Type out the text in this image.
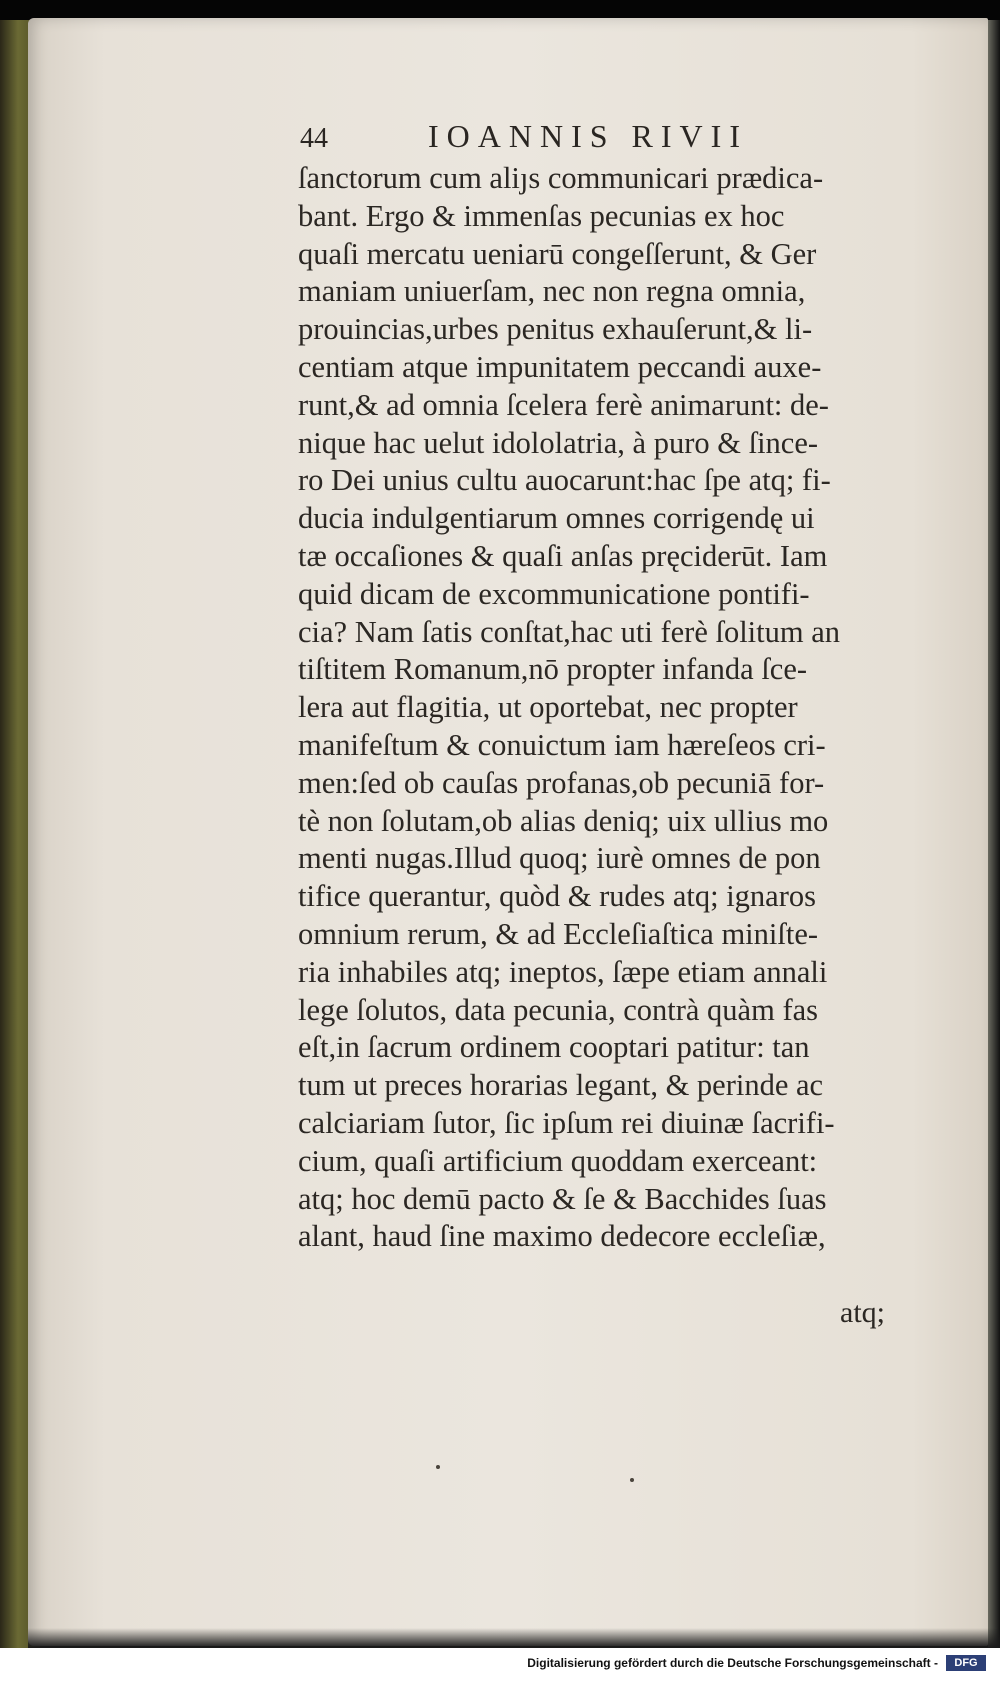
44	IOANNIS RIVII
ſanctorum cum aliȷs communicari prædica-
bant. Ergo & immenſas pecunias ex hoc
quaſi mercatu ueniarū congeſſerunt, & Ger
maniam uniuerſam, nec non regna omnia,
prouincias,urbes penitus exhauſerunt,& li-
centiam atque impunitatem peccandi auxe-
runt,& ad omnia ſcelera ferè animarunt: de-
nique hac uelut idololatria, à puro & ſince-
ro Dei unius cultu auocarunt:hac ſpe atq; fi-
ducia indulgentiarum omnes corrigendę ui
tæ occaſiones & quaſi anſas pręciderūt. Iam
quid dicam de excommunicatione pontifi-
cia? Nam ſatis conſtat,hac uti ferè ſolitum an
tiſtitem Romanum,nō propter infanda ſce-
lera aut flagitia, ut oportebat, nec propter
manifeſtum & conuictum iam hæreſeos cri-
men:ſed ob cauſas profanas,ob pecuniā for-
tè non ſolutam,ob alias deniq; uix ullius mo
menti nugas.Illud quoq; iurè omnes de pon
tifice querantur, quòd & rudes atq; ignaros
omnium rerum, & ad Eccleſiaſtica miniſte-
ria inhabiles atq; ineptos, ſæpe etiam annali
lege ſolutos, data pecunia, contrà quàm fas
eſt,in ſacrum ordinem cooptari patitur: tan
tum ut preces horarias legant, & perinde ac
calciariam ſutor, ſic ipſum rei diuinæ ſacrifi-
cium, quaſi artificium quoddam exerceant:
atq; hoc demū pacto & ſe & Bacchides ſuas
alant, haud ſine maximo dedecore eccleſiæ,
atq;
Digitalisierung gefördert durch die Deutsche Forschungsgemeinschaft -	DFG
